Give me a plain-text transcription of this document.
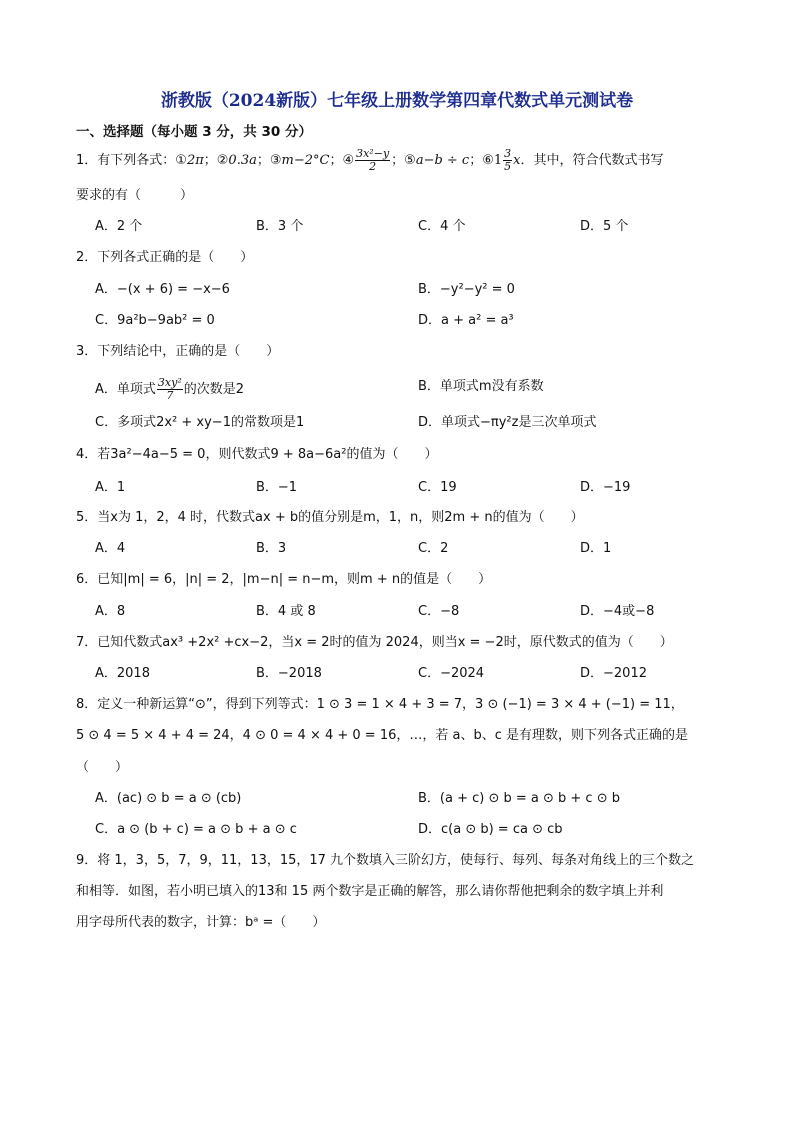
浙教版（2024新版）七年级上册数学第四章代数式单元测试卷
一、选择题（每小题 3 分，共 30 分）
1．有下列各式：①2π；②0.3a；③m−2°C；④ $\frac{\text{3x²−y}}{2}$ ；⑤a−b ÷ c；⑥1 $\frac{3}{5}$ x．其中，符合代数式书写
要求的有（　　　）
A．2 个	B．3 个	C．4 个	D．5 个
2．下列各式正确的是（　　）
A．−(x + 6) = −x−6	B．−y²−y² = 0
C．9a²b−9ab² = 0	D．a + a² = a³
3．下列结论中，正确的是（　　）
A．单项式 $\frac{\text{3xy²}}{7}$ 的次数是2	B．单项式m没有系数
C．多项式2x² + xy−1的常数项是1	D．单项式−πy²z是三次单项式
4．若3a²−4a−5 = 0，则代数式9 + 8a−6a²的值为（　　）
A．1	B．−1	C．19	D．−19
5．当x为 1，2，4 时，代数式ax + b的值分别是m，1，n，则2m + n的值为（　　）
A．4	B．3	C．2	D．1
6．已知|m| = 6，|n| = 2，|m−n| = n−m，则m + n的值是（　　）
A．8	B．4 或 8	C．−8	D．−4或−8
7．已知代数式ax³ +2x² +cx−2，当x = 2时的值为 2024，则当x = −2时，原代数式的值为（　　）
A．2018	B．−2018	C．−2024	D．−2012
8．定义一种新运算“⊙”，得到下列等式：1 ⊙ 3 = 1 × 4 + 3 = 7，3 ⊙ (−1) = 3 × 4 + (−1) = 11，
5 ⊙ 4 = 5 × 4 + 4 = 24，4 ⊙ 0 = 4 × 4 + 0 = 16，…，若 a、b、c 是有理数，则下列各式正确的是
（　　）
A．(ac) ⊙ b = a ⊙ (cb)	B．(a + c) ⊙ b = a ⊙ b + c ⊙ b
C．a ⊙ (b + c) = a ⊙ b + a ⊙ c	D．c(a ⊙ b) = ca ⊙ cb
9．将 1，3，5，7，9，11，13，15，17 九个数填入三阶幻方，使每行、每列、每条对角线上的三个数之
和相等．如图，若小明已填入的13和 15 两个数字是正确的解答，那么请你帮他把剩余的数字填上并利
用字母所代表的数字，计算：bᵃ =（　　）
